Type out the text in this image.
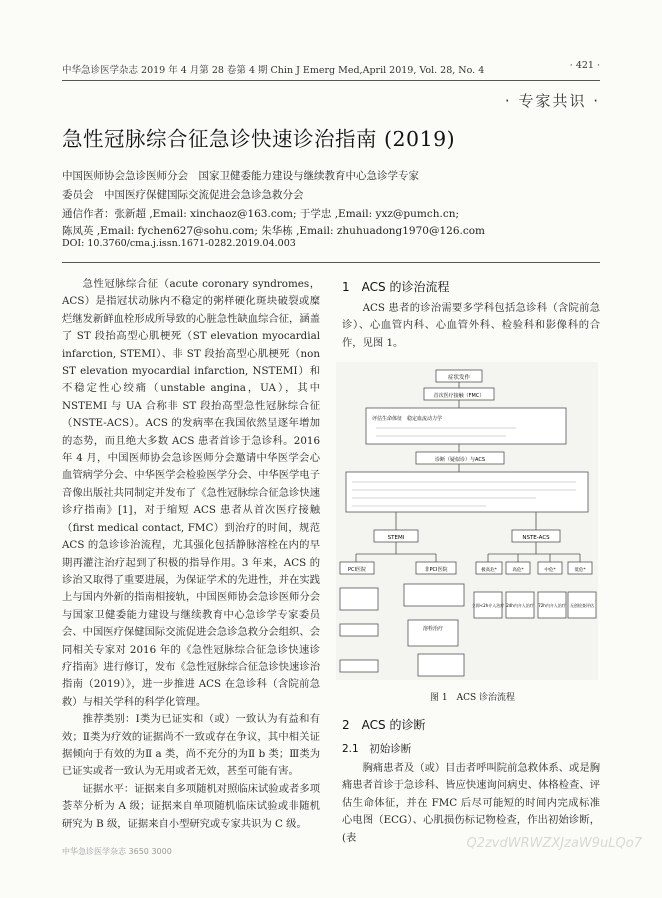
中华急诊医学杂志 2019 年 4 月第 28 卷第 4 期 Chin J Emerg Med,April 2019, Vol. 28, No. 4	· 421 ·
· 专家共识 ·
急性冠脉综合征急诊快速诊治指南 (2019)
中国医师协会急诊医师分会　国家卫健委能力建设与继续教育中心急诊学专家
委员会　中国医疗保健国际交流促进会急诊急救分会
通信作者：张新超 ,Email: xinchaoz@163.com; 于学忠 ,Email: yxz@pumch.cn;
陈凤英 ,Email: fychen627@sohu.com; 朱华栋 ,Email: zhuhuadong1970@126.com
DOI: 10.3760/cma.j.issn.1671-0282.2019.04.003

急性冠脉综合征（acute coronary syndromes，ACS）是指冠状动脉内不稳定的粥样硬化斑块破裂或糜烂继发新鲜血栓形成所导致的心脏急性缺血综合征，涵盖了 ST 段抬高型心肌梗死（ST elevation myocardial infarction, STEMI）、非 ST 段抬高型心肌梗死（non ST elevation myocardial infarction, NSTEMI）和不稳定性心绞痛（unstable angina，UA），其中 NSTEMI 与 UA 合称非 ST 段抬高型急性冠脉综合征（NSTE-ACS）。ACS 的发病率在我国依然呈逐年增加的态势，而且绝大多数 ACS 患者首诊于急诊科。2016 年 4 月，中国医师协会急诊医师分会邀请中华医学会心血管病学分会、中华医学会检验医学分会、中华医学电子音像出版社共同制定并发布了《急性冠脉综合征急诊快速诊疗指南》[1]，对于缩短 ACS 患者从首次医疗接触（first medical contact, FMC）到治疗的时间，规范 ACS 的急诊诊治流程，尤其强化包括静脉溶栓在内的早期再灌注治疗起到了积极的指导作用。3 年来，ACS 的诊治又取得了重要进展，为保证学术的先进性，并在实践上与国内外新的指南相接轨，中国医师协会急诊医师分会与国家卫健委能力建设与继续教育中心急诊学专家委员会、中国医疗保健国际交流促进会急诊急救分会组织、会同相关专家对 2016 年的《急性冠脉综合征急诊快速诊疗指南》进行修订，发布《急性冠脉综合征急诊快速诊治指南（2019）》，进一步推进 ACS 在急诊科（含院前急救）与相关学科的科学化管理。

推荐类别：Ⅰ类为已证实和（或）一致认为有益和有效；Ⅱ类为疗效的证据尚不一致或存在争议，其中相关证据倾向于有效的为Ⅱ a 类，尚不充分的为Ⅱ b 类；Ⅲ类为已证实或者一致认为无用或者无效，甚至可能有害。

证据水平：证据来自多项随机对照临床试验或者多项荟萃分析为 A 级；证据来自单项随机临床试验或非随机研究为 B 级，证据来自小型研究或专家共识为 C 级。

1　ACS 的诊治流程

ACS 患者的诊治需要多学科包括急诊科（含院前急诊）、心血管内科、心血管外科、检验科和影像科的合作，见图 1。

症状发作
首次医疗接触（FMC）
评估生命体征　稳定血流动力学
诊断（疑似诊）与ACS
STEMI	NSTE-ACS
PCI医院	非PCI医院
溶栓治疗
极高危*	高危*	中危*	低危*
立即<2h介入治疗 24h内介入治疗 72h内介入治疗 无创检查评估
图 1　ACS 诊治流程
2　ACS 的诊断
2.1　初始诊断

胸痛患者及（或）目击者呼叫院前急救体系、或是胸痛患者首诊于急诊科、皆应快速询问病史、体格检查、评估生命体征，并在 FMC 后尽可能短的时间内完成标准心电图（ECG）、心肌损伤标记物检查，作出初始诊断，(表

中华急诊医学杂志 3650 3000
Q2zvdWRWZXJzaW9uLQo7
